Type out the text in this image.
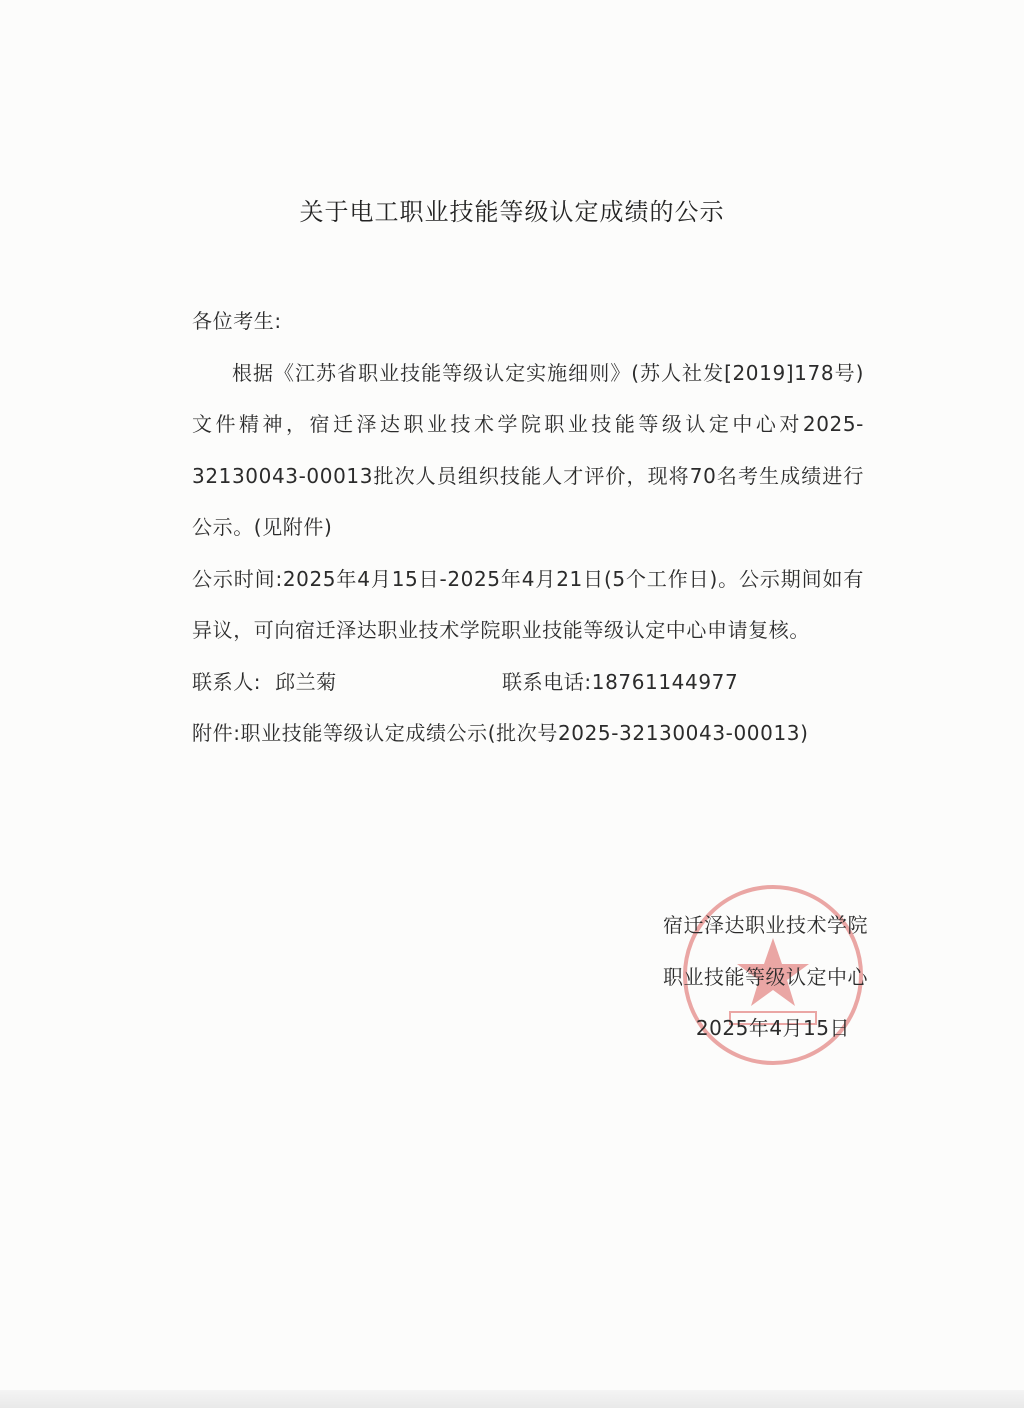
关于电工职业技能等级认定成绩的公示

各位考生:

根据《江苏省职业技能等级认定实施细则》(苏人社发[2019]178号)文件精神，宿迁泽达职业技术学院职业技能等级认定中心对2025-32130043-00013批次人员组织技能人才评价，现将70名考生成绩进行公示。(见附件)

公示时间:2025年4月15日-2025年4月21日(5个工作日)。公示期间如有异议，可向宿迁泽达职业技术学院职业技能等级认定中心申请复核。

联系人:  邱兰菊	联系电话:18761144977

附件:职业技能等级认定成绩公示(批次号2025-32130043-00013)

宿迁泽达职业技术学院
职业技能等级认定中心
2025年4月15日
